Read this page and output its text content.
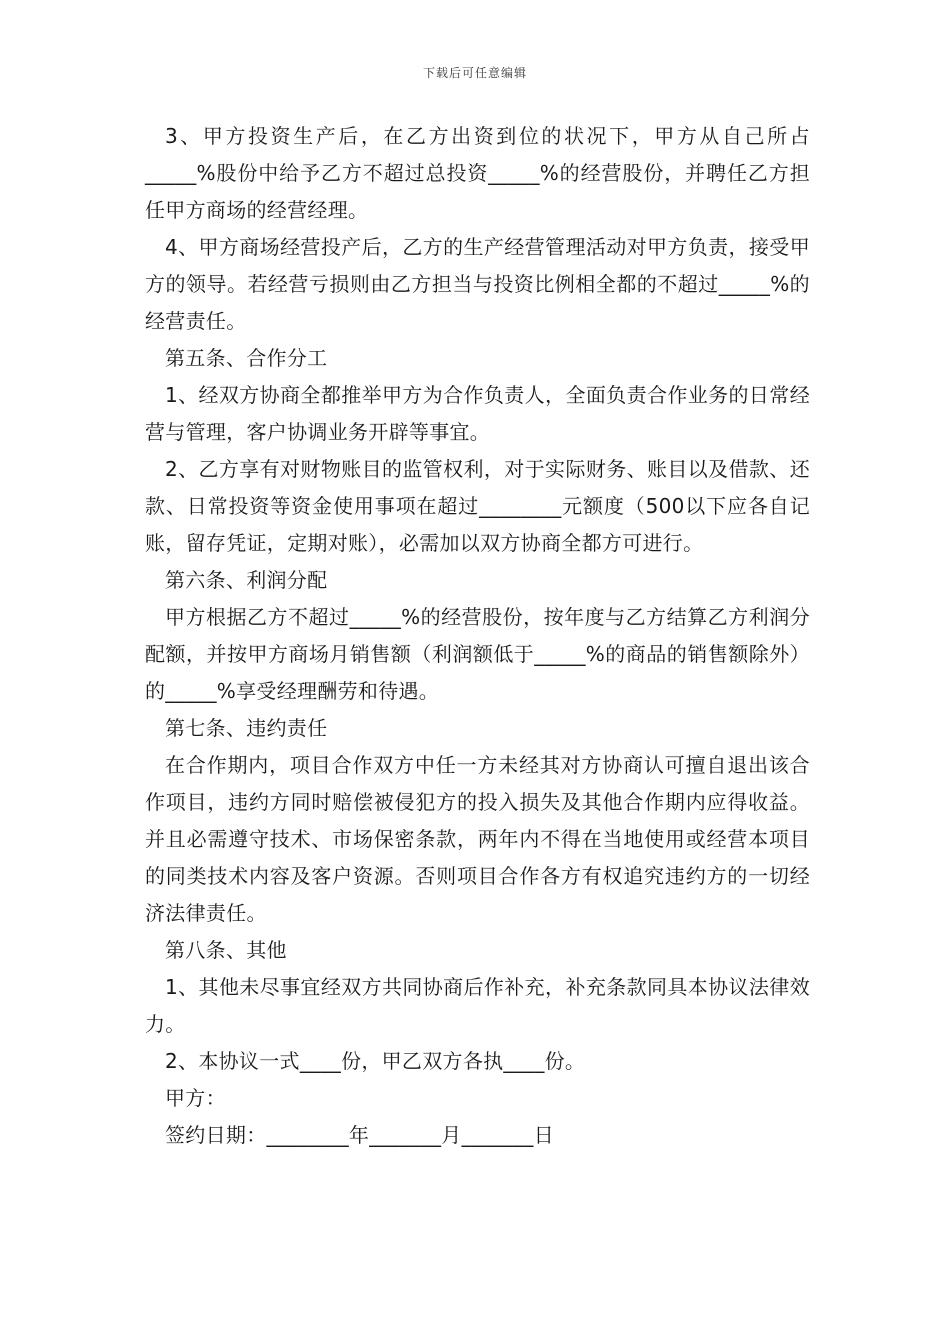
下载后可任意编辑

3、甲方投资生产后，在乙方出资到位的状况下，甲方从自己所占_____%股份中给予乙方不超过总投资_____%的经营股份，并聘任乙方担任甲方商场的经营经理。

4、甲方商场经营投产后，乙方的生产经营管理活动对甲方负责，接受甲方的领导。若经营亏损则由乙方担当与投资比例相全都的不超过_____%的经营责任。

第五条、合作分工

1、经双方协商全都推举甲方为合作负责人，全面负责合作业务的日常经营与管理，客户协调业务开辟等事宜。

2、乙方享有对财物账目的监管权利，对于实际财务、账目以及借款、还款、日常投资等资金使用事项在超过________元额度（500以下应各自记账，留存凭证，定期对账），必需加以双方协商全都方可进行。

第六条、利润分配

甲方根据乙方不超过_____%的经营股份，按年度与乙方结算乙方利润分配额，并按甲方商场月销售额（利润额低于_____%的商品的销售额除外）的_____%享受经理酬劳和待遇。

第七条、违约责任

在合作期内，项目合作双方中任一方未经其对方协商认可擅自退出该合作项目，违约方同时赔偿被侵犯方的投入损失及其他合作期内应得收益。并且必需遵守技术、市场保密条款，两年内不得在当地使用或经营本项目的同类技术内容及客户资源。否则项目合作各方有权追究违约方的一切经济法律责任。

第八条、其他

1、其他未尽事宜经双方共同协商后作补充，补充条款同具本协议法律效力。

2、本协议一式____份，甲乙双方各执____份。

甲方：

签约日期：________年_______月_______日
